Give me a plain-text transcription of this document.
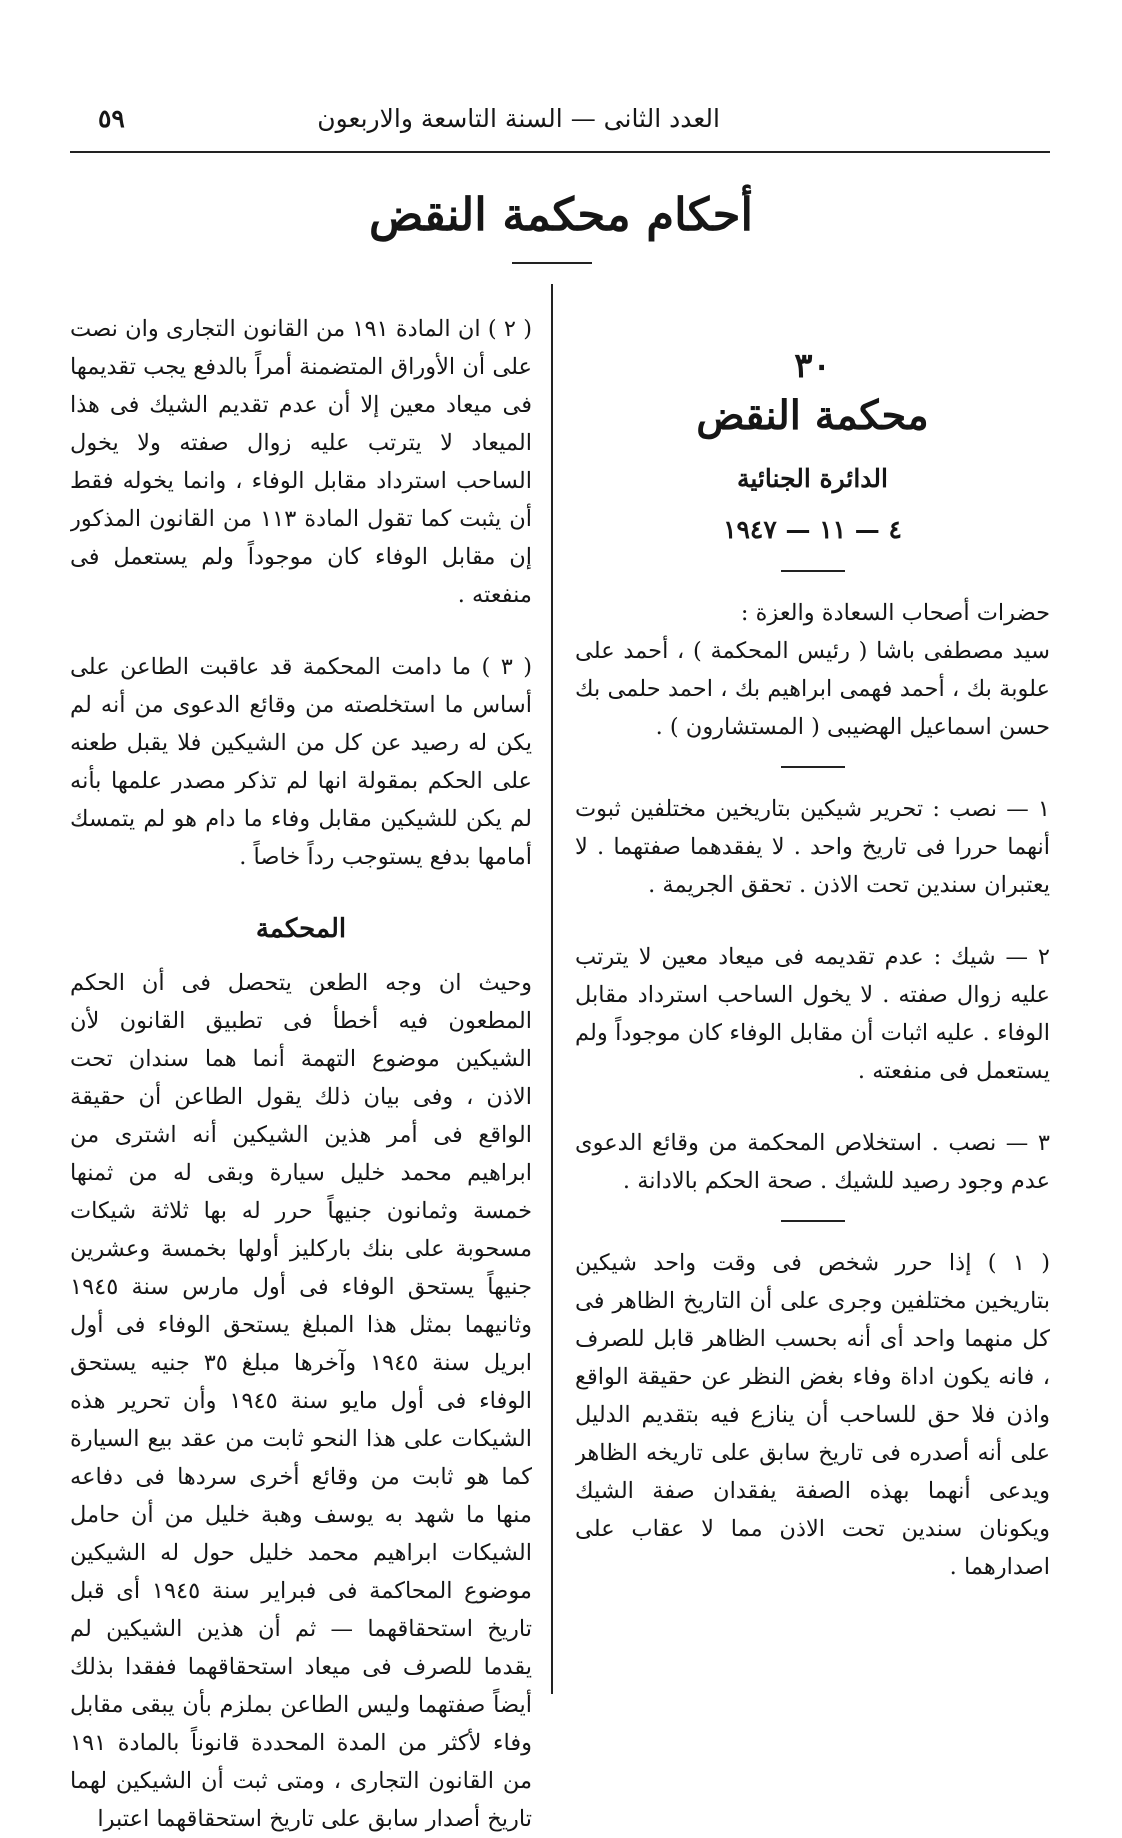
العدد الثانى — السنة التاسعة والاربعون
٥٩
أحكام محكمة النقض
٣٠
محكمة النقض
الدائرة الجنائية
٤ — ١١ — ١٩٤٧

حضرات أصحاب السعادة والعزة :

سيد مصطفى باشا ( رئيس المحكمة ) ، أحمد على علوبة بك ، أحمد فهمى ابراهيم بك ، احمد حلمى بك حسن اسماعيل الهضيبى ( المستشارون ) .

١ — نصب : تحرير شيكين بتاريخين مختلفين ثبوت أنهما حررا فى تاريخ واحد . لا يفقدهما صفتهما . لا يعتبران سندين تحت الاذن . تحقق الجريمة .

٢ — شيك : عدم تقديمه فى ميعاد معين لا يترتب عليه زوال صفته . لا يخول الساحب استرداد مقابل الوفاء . عليه اثبات أن مقابل الوفاء كان موجوداً ولم يستعمل فى منفعته .

٣ — نصب . استخلاص المحكمة من وقائع الدعوى عدم وجود رصيد للشيك . صحة الحكم بالادانة .

( ١ ) إذا حرر شخص فى وقت واحد شيكين بتاريخين مختلفين وجرى على أن التاريخ الظاهر فى كل منهما واحد أى أنه بحسب الظاهر قابل للصرف ، فانه يكون اداة وفاء بغض النظر عن حقيقة الواقع واذن فلا حق للساحب أن ينازع فيه بتقديم الدليل على أنه أصدره فى تاريخ سابق على تاريخه الظاهر ويدعى أنهما بهذه الصفة يفقدان صفة الشيك ويكونان سندين تحت الاذن مما لا عقاب على اصدارهما .

( ٢ ) ان المادة ١٩١ من القانون التجارى وان نصت على أن الأوراق المتضمنة أمراً بالدفع يجب تقديمها فى ميعاد معين إلا أن عدم تقديم الشيك فى هذا الميعاد لا يترتب عليه زوال صفته ولا يخول الساحب استرداد مقابل الوفاء ، وانما يخوله فقط أن يثبت كما تقول المادة ١١٣ من القانون المذكور إن مقابل الوفاء كان موجوداً ولم يستعمل فى منفعته .

( ٣ ) ما دامت المحكمة قد عاقبت الطاعن على أساس ما استخلصته من وقائع الدعوى من أنه لم يكن له رصيد عن كل من الشيكين فلا يقبل طعنه على الحكم بمقولة انها لم تذكر مصدر علمها بأنه لم يكن للشيكين مقابل وفاء ما دام هو لم يتمسك أمامها بدفع يستوجب رداً خاصاً .

المحكمة

وحيث ان وجه الطعن يتحصل فى أن الحكم المطعون فيه أخطأ فى تطبيق القانون لأن الشيكين موضوع التهمة أنما هما سندان تحت الاذن ، وفى بيان ذلك يقول الطاعن أن حقيقة الواقع فى أمر هذين الشيكين أنه اشترى من ابراهيم محمد خليل سيارة وبقى له من ثمنها خمسة وثمانون جنيهاً حرر له بها ثلاثة شيكات مسحوبة على بنك باركليز أولها بخمسة وعشرين جنيهاً يستحق الوفاء فى أول مارس سنة ١٩٤٥ وثانيهما بمثل هذا المبلغ يستحق الوفاء فى أول ابريل سنة ١٩٤٥ وآخرها مبلغ ٣٥ جنيه يستحق الوفاء فى أول مايو سنة ١٩٤٥ وأن تحرير هذه الشيكات على هذا النحو ثابت من عقد بيع السيارة كما هو ثابت من وقائع أخرى سردها فى دفاعه منها ما شهد به يوسف وهبة خليل من أن حامل الشيكات ابراهيم محمد خليل حول له الشيكين موضوع المحاكمة فى فبراير سنة ١٩٤٥ أى قبل تاريخ استحقاقهما — ثم أن هذين الشيكين لم يقدما للصرف فى ميعاد استحقاقهما ففقدا بذلك أيضاً صفتهما وليس الطاعن بملزم بأن يبقى مقابل وفاء لأكثر من المدة المحددة قانوناً بالمادة ١٩١ من القانون التجارى ، ومتى ثبت أن الشيكين لهما تاريخ أصدار سابق على تاريخ استحقاقهما اعتبرا
